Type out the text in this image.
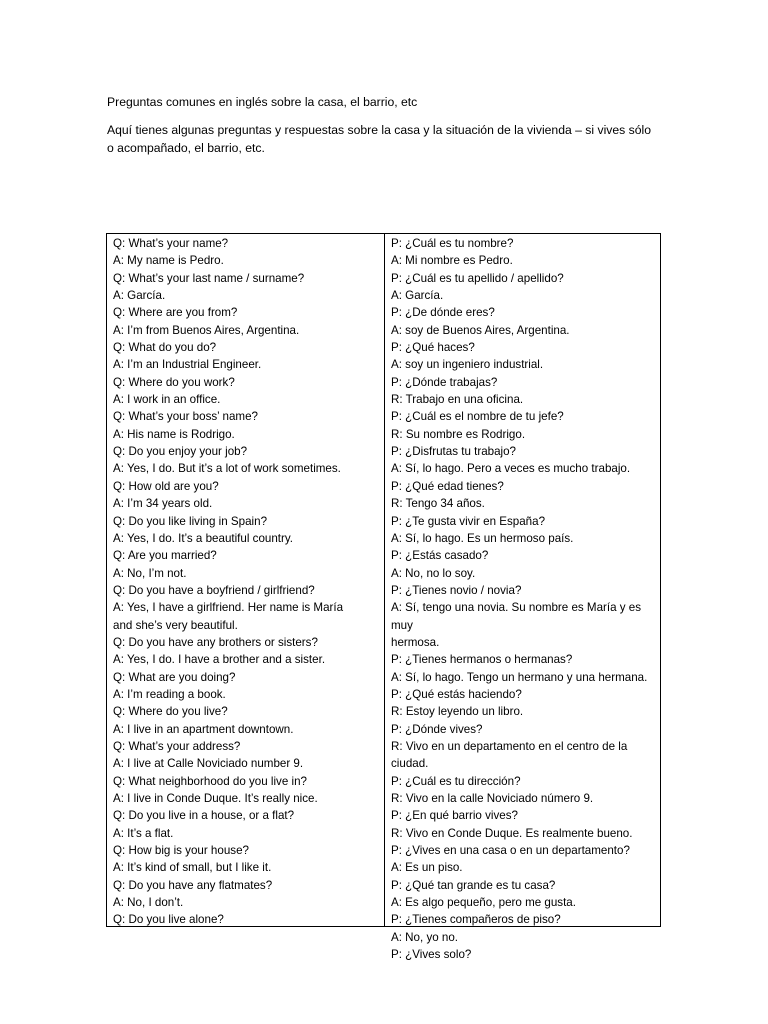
Preguntas comunes en inglés sobre la casa, el barrio, etc
Aquí tienes algunas preguntas y respuestas sobre la casa y la situación de la vivienda – si vives sólo
o acompañado, el barrio, etc.
Q: What’s your name?
A: My name is Pedro.
Q: What’s your last name / surname?
A: García.
Q: Where are you from?
A: I’m from Buenos Aires, Argentina.
Q: What do you do?
A: I’m an Industrial Engineer.
Q: Where do you work?
A: I work in an office.
Q: What’s your boss’ name?
A: His name is Rodrigo.
Q: Do you enjoy your job?
A: Yes, I do. But it’s a lot of work sometimes.
Q: How old are you?
A: I’m 34 years old.
Q: Do you like living in Spain?
A: Yes, I do. It’s a beautiful country.
Q: Are you married?
A: No, I’m not.
Q: Do you have a boyfriend / girlfriend?
A: Yes, I have a girlfriend. Her name is María
and she’s very beautiful.
Q: Do you have any brothers or sisters?
A: Yes, I do. I have a brother and a sister.
Q: What are you doing?
A: I’m reading a book.
Q: Where do you live?
A: I live in an apartment downtown.
Q: What’s your address?
A: I live at Calle Noviciado number 9.
Q: What neighborhood do you live in?
A: I live in Conde Duque. It’s really nice.
Q: Do you live in a house, or a flat?
A: It’s a flat.
Q: How big is your house?
A: It’s kind of small, but I like it.
Q: Do you have any flatmates?
A: No, I don’t.
Q: Do you live alone?
P: ¿Cuál es tu nombre?
A: Mi nombre es Pedro.
P: ¿Cuál es tu apellido / apellido?
A: García.
P: ¿De dónde eres?
A: soy de Buenos Aires, Argentina.
P: ¿Qué haces?
A: soy un ingeniero industrial.
P: ¿Dónde trabajas?
R: Trabajo en una oficina.
P: ¿Cuál es el nombre de tu jefe?
R: Su nombre es Rodrigo.
P: ¿Disfrutas tu trabajo?
A: Sí, lo hago. Pero a veces es mucho trabajo.
P: ¿Qué edad tienes?
R: Tengo 34 años.
P: ¿Te gusta vivir en España?
A: Sí, lo hago. Es un hermoso país.
P: ¿Estás casado?
A: No, no lo soy.
P: ¿Tienes novio / novia?
A: Sí, tengo una novia. Su nombre es María y es muy
hermosa.
P: ¿Tienes hermanos o hermanas?
A: Sí, lo hago. Tengo un hermano y una hermana.
P: ¿Qué estás haciendo?
R: Estoy leyendo un libro.
P: ¿Dónde vives?
R: Vivo en un departamento en el centro de la ciudad.
P: ¿Cuál es tu dirección?
R: Vivo en la calle Noviciado número 9.
P: ¿En qué barrio vives?
R: Vivo en Conde Duque. Es realmente bueno.
P: ¿Vives en una casa o en un departamento?
A: Es un piso.
P: ¿Qué tan grande es tu casa?
A: Es algo pequeño, pero me gusta.
P: ¿Tienes compañeros de piso?
A: No, yo no.
P: ¿Vives solo?
